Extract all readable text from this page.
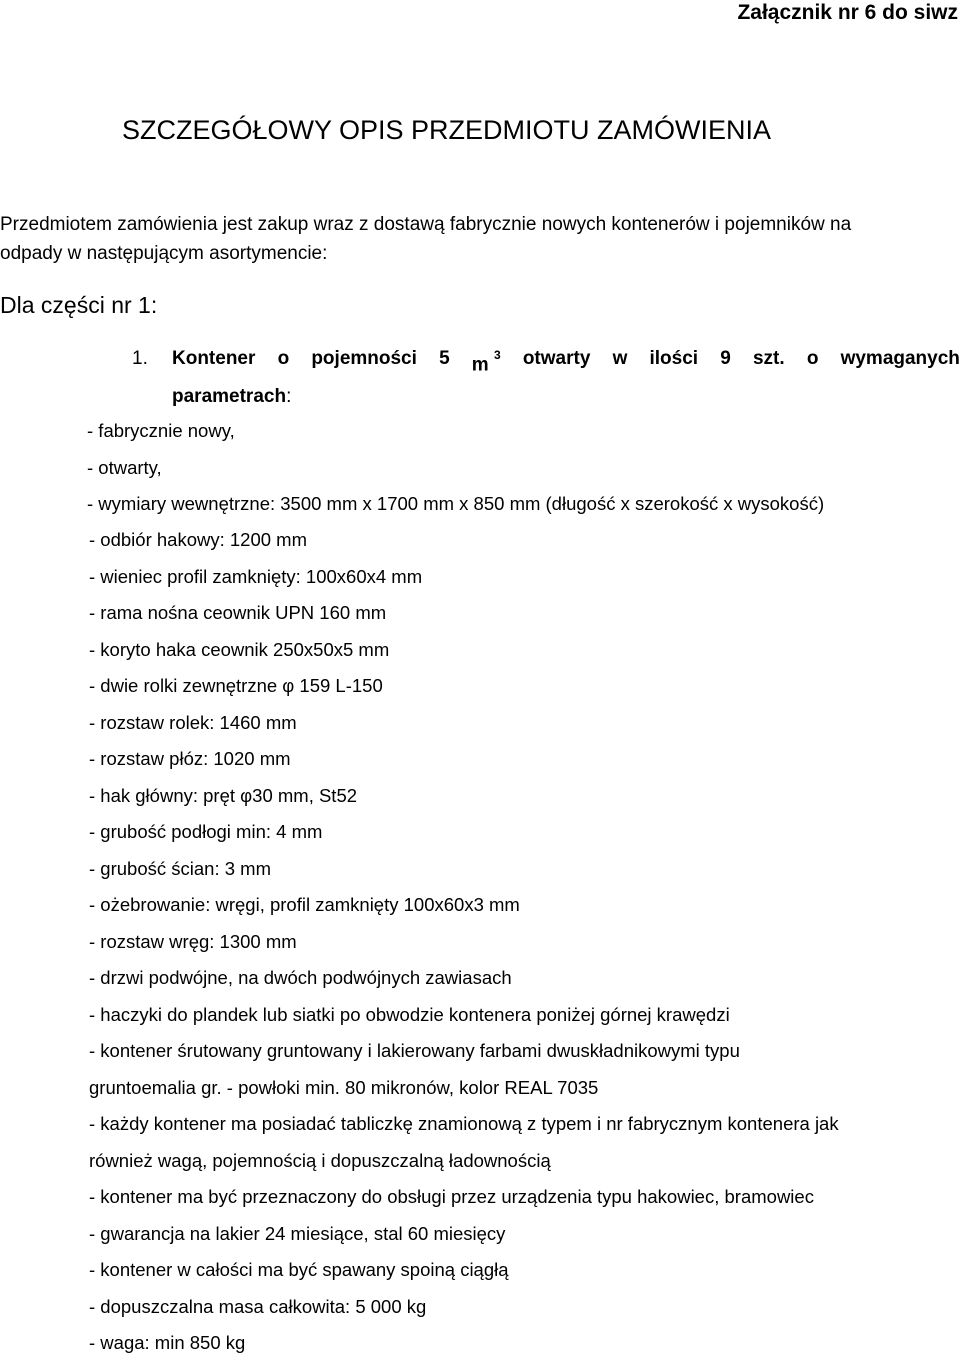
Załącznik nr 6 do siwz
SZCZEGÓŁOWY OPIS PRZEDMIOTU ZAMÓWIENIA

Przedmiotem zamówienia jest zakup wraz z dostawą fabrycznie nowych kontenerów i pojemników na

odpady w następującym asortymencie:

Dla części nr 1:
1. Kontener o pojemności 5 m $^3$ otwarty w ilości 9 szt. o wymaganych
parametrach:
- fabrycznie nowy,
- otwarty,
- wymiary wewnętrzne: 3500 mm x 1700 mm x 850 mm (długość x szerokość x wysokość)
- odbiór hakowy: 1200 mm
- wieniec profil zamknięty: 100x60x4 mm
- rama nośna ceownik UPN 160 mm
- koryto haka ceownik 250x50x5 mm
- dwie rolki zewnętrzne φ 159 L-150
- rozstaw rolek: 1460 mm
- rozstaw płóz: 1020 mm
- hak główny: pręt φ30 mm, St52
- grubość podłogi min: 4 mm
- grubość ścian: 3 mm
- ożebrowanie: wręgi, profil zamknięty 100x60x3 mm
- rozstaw wręg: 1300 mm
- drzwi podwójne, na dwóch podwójnych zawiasach
- haczyki do plandek lub siatki po obwodzie kontenera poniżej górnej krawędzi
- kontener śrutowany gruntowany i lakierowany farbami dwuskładnikowymi typu
gruntoemalia gr. - powłoki min. 80 mikronów, kolor REAL 7035
- każdy kontener ma posiadać tabliczkę znamionową z typem i nr fabrycznym kontenera jak
również wagą, pojemnością i dopuszczalną ładownością
- kontener ma być przeznaczony do obsługi przez urządzenia typu hakowiec, bramowiec
- gwarancja na lakier 24 miesiące, stal 60 miesięcy
- kontener w całości ma być spawany spoiną ciągłą
- dopuszczalna masa całkowita: 5 000 kg
- waga: min 850 kg
